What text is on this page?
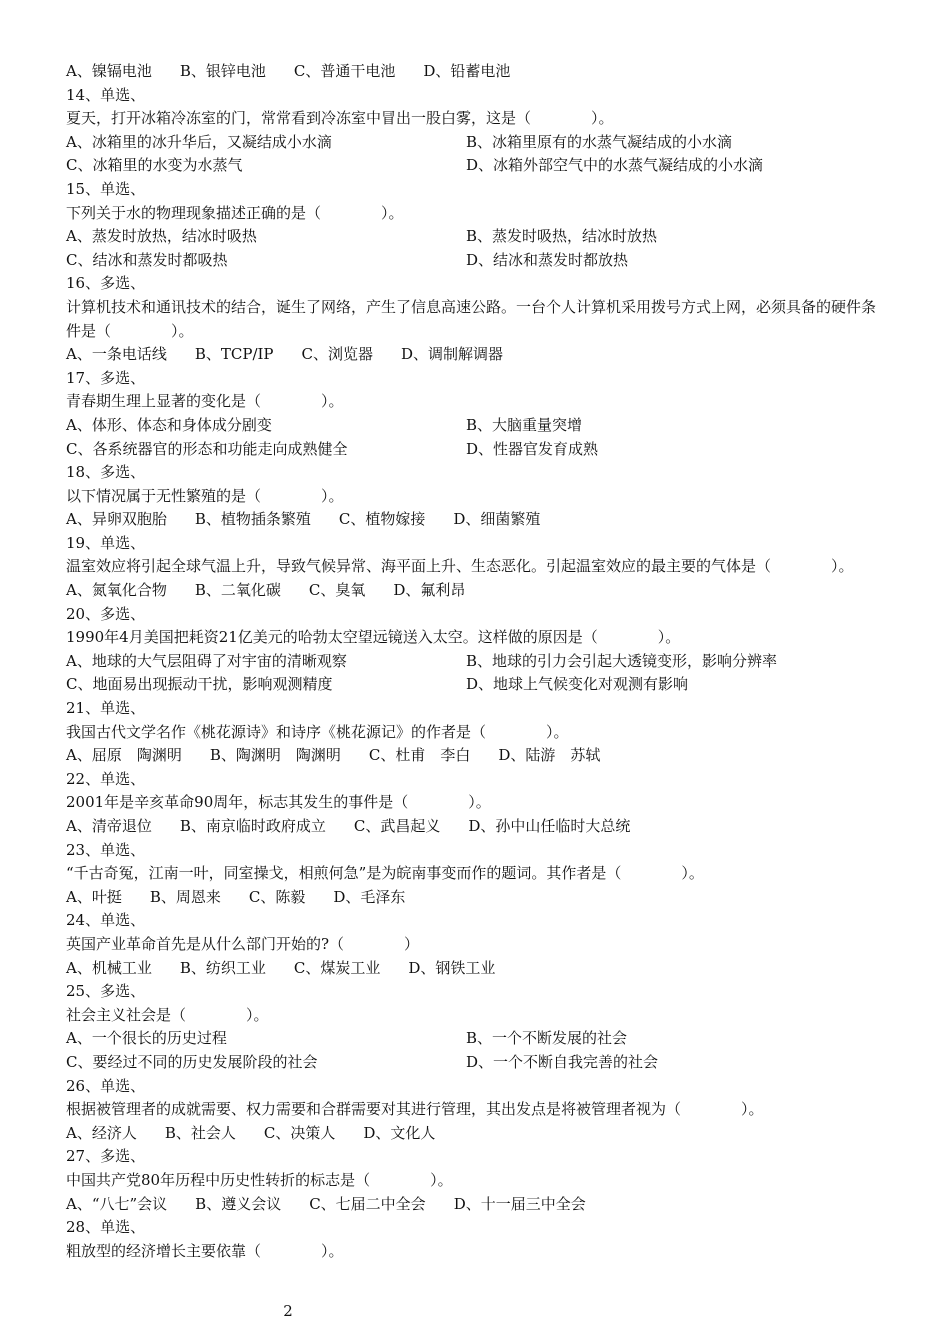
A、镍镉电池 B、银锌电池 C、普通干电池 D、铅蓄电池
14、单选、
夏天，打开冰箱冷冻室的门，常常看到冷冻室中冒出一股白雾，这是（　　　　）。
A、冰箱里的冰升华后，又凝结成小水滴	B、冰箱里原有的水蒸气凝结成的小水滴
C、冰箱里的水变为水蒸气	D、冰箱外部空气中的水蒸气凝结成的小水滴
15、单选、
下列关于水的物理现象描述正确的是（　　　　）。
A、蒸发时放热，结冰时吸热	B、蒸发时吸热，结冰时放热
C、结冰和蒸发时都吸热	D、结冰和蒸发时都放热
16、多选、
计算机技术和通讯技术的结合，诞生了网络，产生了信息高速公路。一台个人计算机采用拨号方式上网，必须具备的硬件条件是（　　　　）。
A、一条电话线 B、TCP/IP C、浏览器 D、调制解调器
17、多选、
青春期生理上显著的变化是（　　　　）。
A、体形、体态和身体成分剧变	B、大脑重量突增
C、各系统器官的形态和功能走向成熟健全	D、性器官发育成熟
18、多选、
以下情况属于无性繁殖的是（　　　　）。
A、异卵双胞胎 B、植物插条繁殖 C、植物嫁接 D、细菌繁殖
19、单选、
温室效应将引起全球气温上升，导致气候异常、海平面上升、生态恶化。引起温室效应的最主要的气体是（　　　　）。
A、氮氧化合物 B、二氧化碳 C、臭氧 D、氟利昂
20、多选、
1990年4月美国把耗资21亿美元的哈勃太空望远镜送入太空。这样做的原因是（　　　　）。
A、地球的大气层阻碍了对宇宙的清晰观察	B、地球的引力会引起大透镜变形，影响分辨率
C、地面易出现振动干扰，影响观测精度	D、地球上气候变化对观测有影响
21、单选、
我国古代文学名作《桃花源诗》和诗序《桃花源记》的作者是（　　　　）。
A、屈原　陶渊明 B、陶渊明　陶渊明 C、杜甫　李白 D、陆游　苏轼
22、单选、
2001年是辛亥革命90周年，标志其发生的事件是（　　　　）。
A、清帝退位 B、南京临时政府成立 C、武昌起义 D、孙中山任临时大总统
23、单选、
“千古奇冤，江南一叶，同室操戈，相煎何急”是为皖南事变而作的题词。其作者是（　　　　）。
A、叶挺 B、周恩来 C、陈毅 D、毛泽东
24、单选、
英国产业革命首先是从什么部门开始的?（　　　　）
A、机械工业 B、纺织工业 C、煤炭工业 D、钢铁工业
25、多选、
社会主义社会是（　　　　）。
A、一个很长的历史过程	B、一个不断发展的社会
C、要经过不同的历史发展阶段的社会	D、一个不断自我完善的社会
26、单选、
根据被管理者的成就需要、权力需要和合群需要对其进行管理，其出发点是将被管理者视为（　　　　）。
A、经济人 B、社会人 C、决策人 D、文化人
27、多选、
中国共产党80年历程中历史性转折的标志是（　　　　）。
A、“八七”会议 B、遵义会议 C、七届二中全会 D、十一届三中全会
28、单选、
粗放型的经济增长主要依靠（　　　　）。
2
